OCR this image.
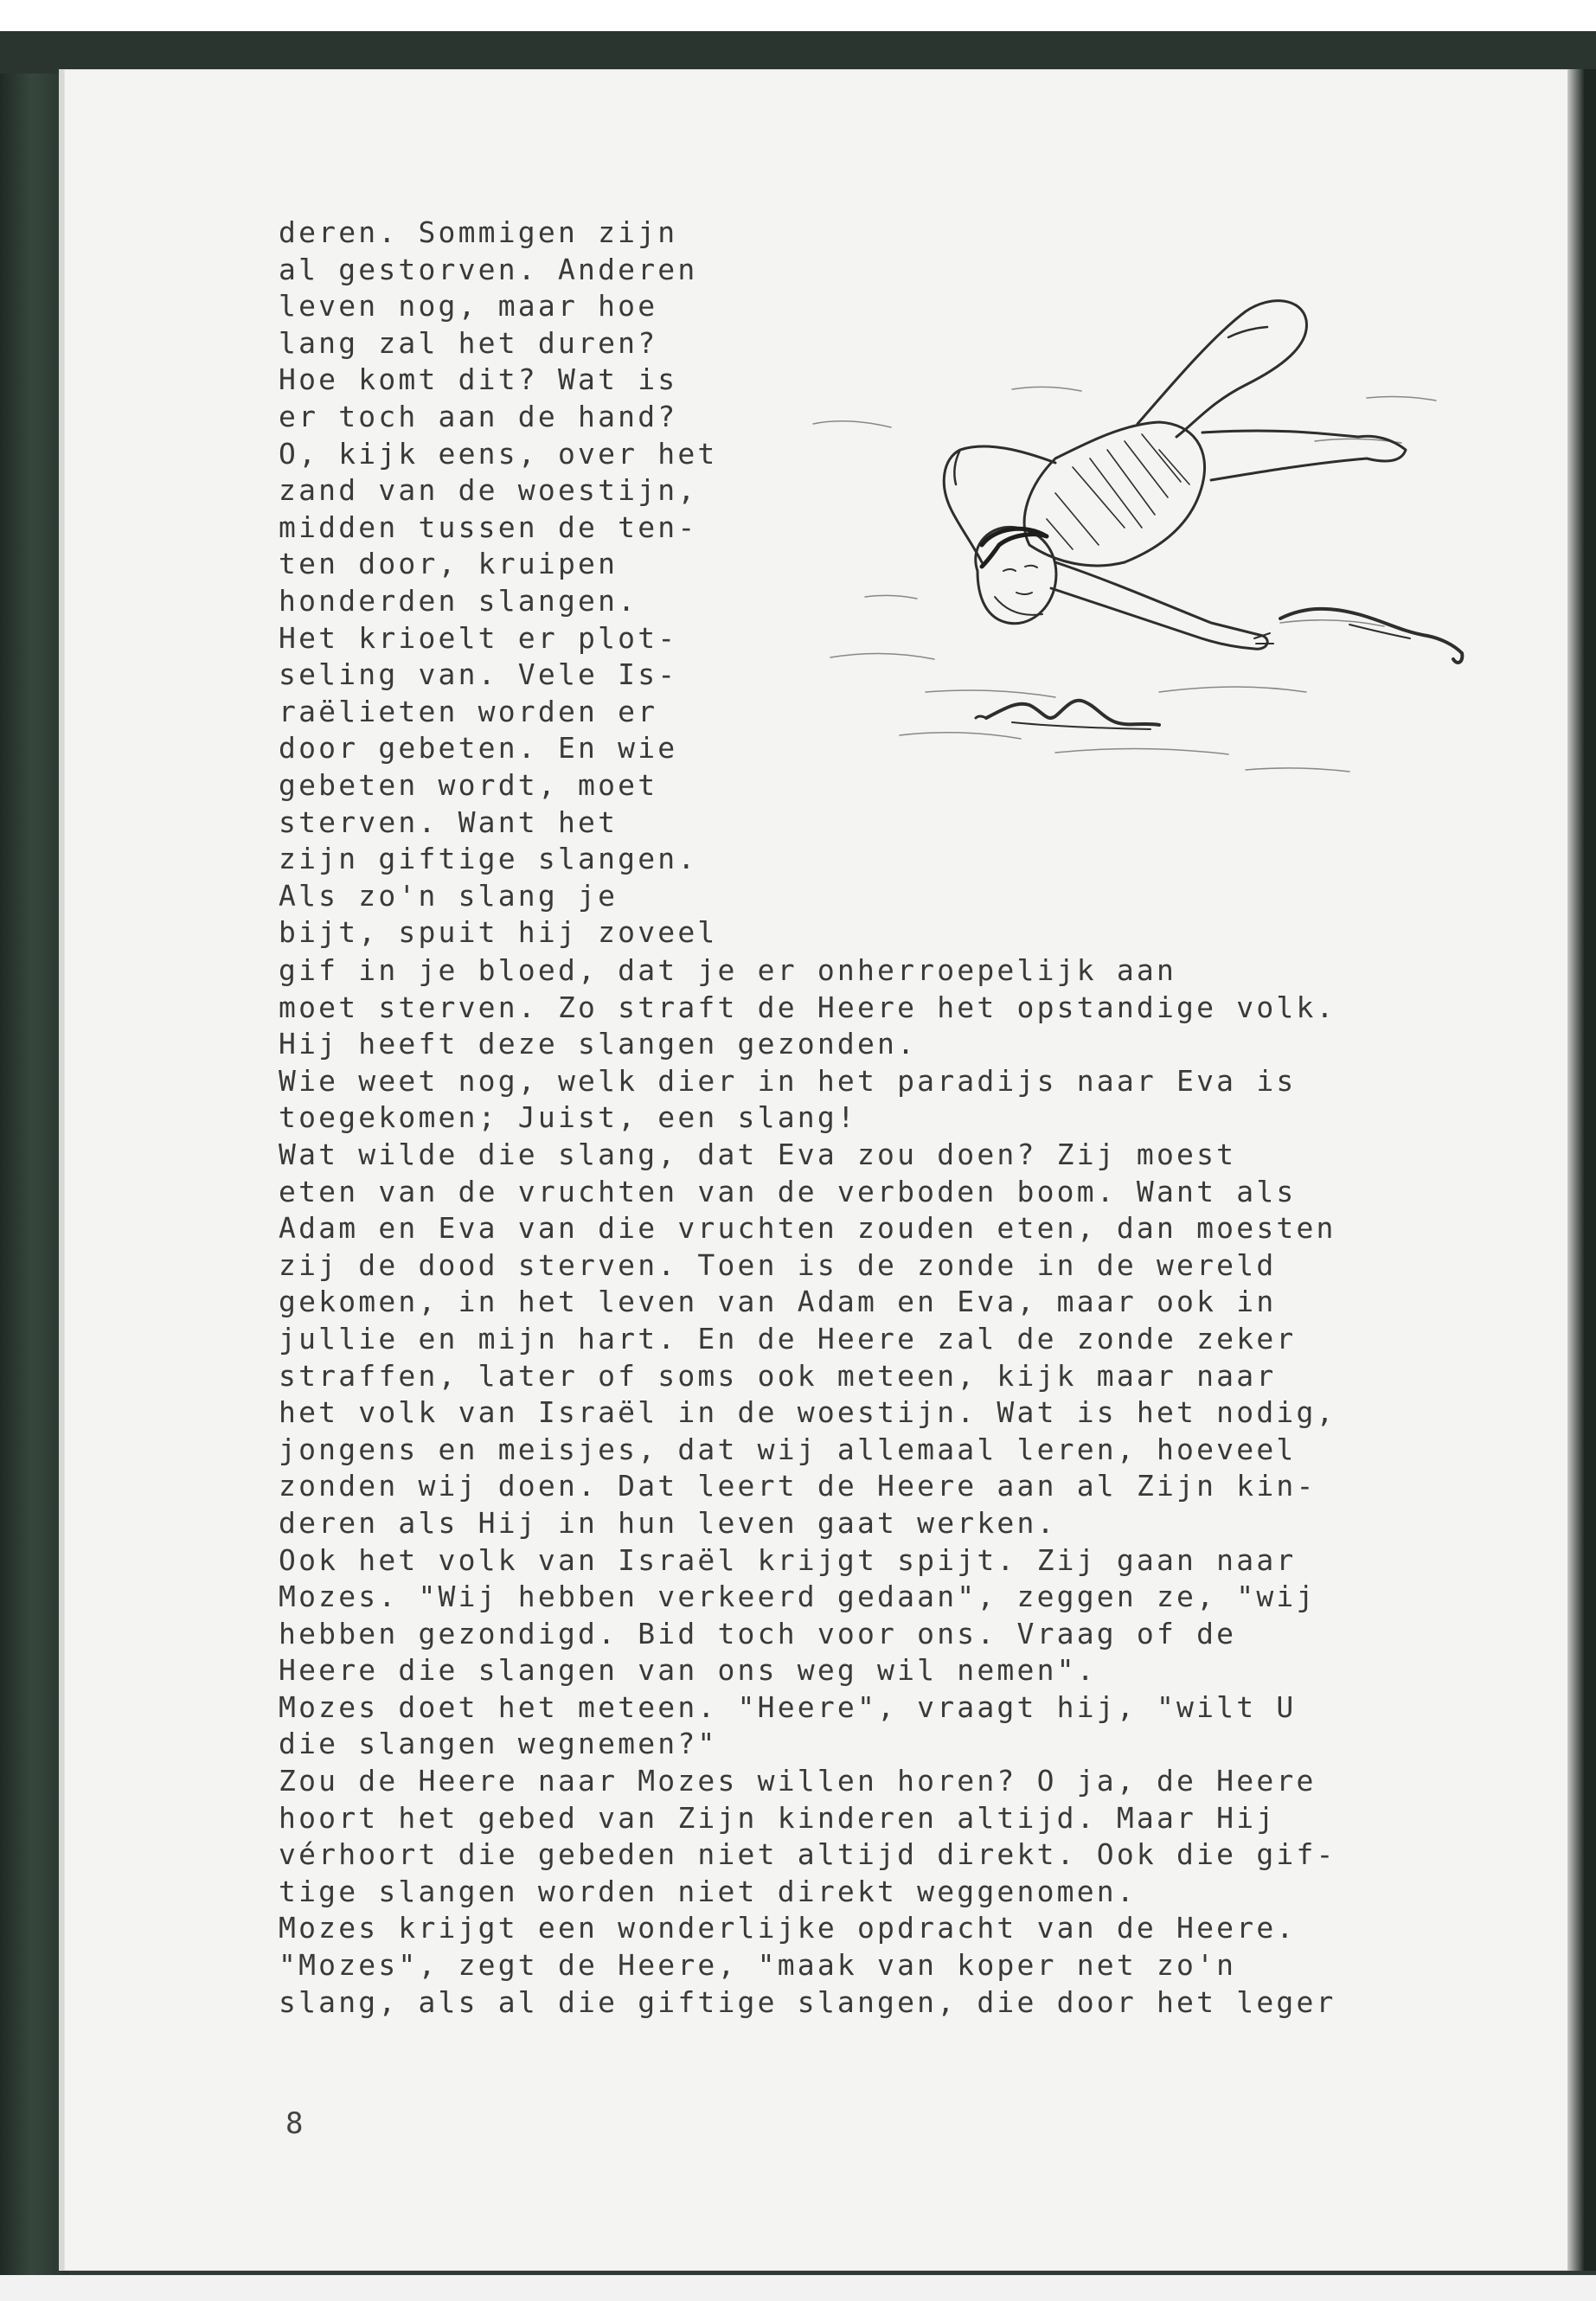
deren. Sommigen zijn
al gestorven. Anderen
leven nog, maar hoe
lang zal het duren?
Hoe komt dit? Wat is
er toch aan de hand?
O, kijk eens, over het
zand van de woestijn,
midden tussen de ten-
ten door, kruipen
honderden slangen.
Het krioelt er plot-
seling van. Vele Is-
raëlieten worden er
door gebeten. En wie
gebeten wordt, moet
sterven. Want het
zijn giftige slangen.
Als zo'n slang je
bijt, spuit hij zoveel
gif in je bloed, dat je er onherroepelijk aan
moet sterven. Zo straft de Heere het opstandige volk.
Hij heeft deze slangen gezonden.
Wie weet nog, welk dier in het paradijs naar Eva is
toegekomen; Juist, een slang!
Wat wilde die slang, dat Eva zou doen? Zij moest
eten van de vruchten van de verboden boom. Want als
Adam en Eva van die vruchten zouden eten, dan moesten
zij de dood sterven. Toen is de zonde in de wereld
gekomen, in het leven van Adam en Eva, maar ook in
jullie en mijn hart. En de Heere zal de zonde zeker
straffen, later of soms ook meteen, kijk maar naar
het volk van Israël in de woestijn. Wat is het nodig,
jongens en meisjes, dat wij allemaal leren, hoeveel
zonden wij doen. Dat leert de Heere aan al Zijn kin-
deren als Hij in hun leven gaat werken.
Ook het volk van Israël krijgt spijt. Zij gaan naar
Mozes. "Wij hebben verkeerd gedaan", zeggen ze, "wij
hebben gezondigd. Bid toch voor ons. Vraag of de
Heere die slangen van ons weg wil nemen".
Mozes doet het meteen. "Heere", vraagt hij, "wilt U
die slangen wegnemen?"
Zou de Heere naar Mozes willen horen? O ja, de Heere
hoort het gebed van Zijn kinderen altijd. Maar Hij
vérhoort die gebeden niet altijd direkt. Ook die gif-
tige slangen worden niet direkt weggenomen.
Mozes krijgt een wonderlijke opdracht van de Heere.
"Mozes", zegt de Heere, "maak van koper net zo'n
slang, als al die giftige slangen, die door het leger
8
